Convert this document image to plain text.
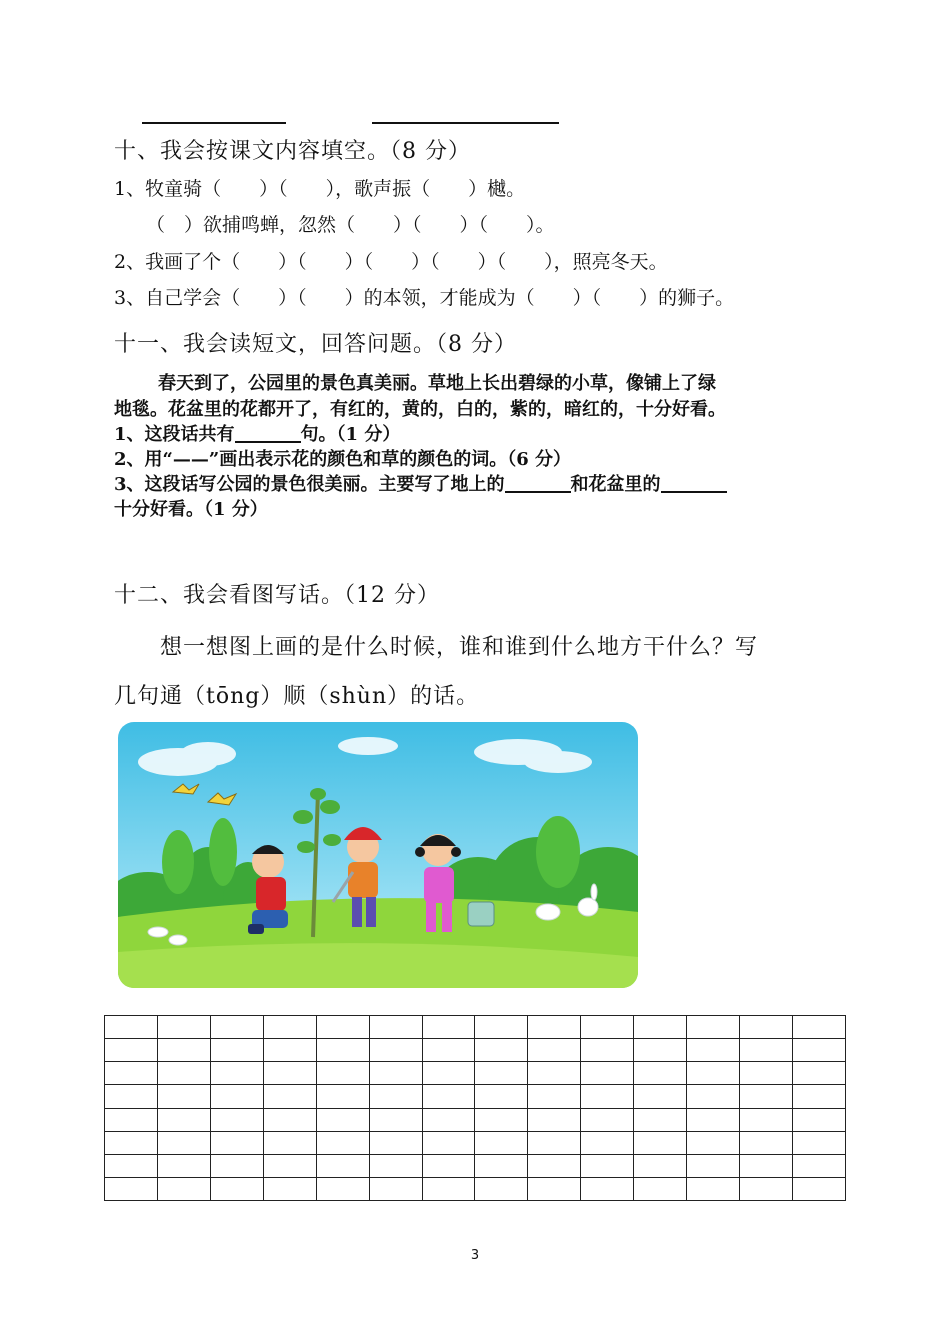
十、我会按课文内容填空。（8 分）
1、牧童骑（　　）（　　），歌声振（　　）樾。
（　）欲捕鸣蝉，忽然（　　）（　　）（　　）。
2、我画了个（　　）（　　）（　　）（　　）（　　），照亮冬天。
3、自己学会（　　）（　　）的本领，才能成为（　　）（　　）的狮子。
十一、我会读短文，回答问题。（8 分）
春天到了，公园里的景色真美丽。草地上长出碧绿的小草，像铺上了绿
地毯。花盆里的花都开了，有红的，黄的，白的，紫的，暗红的，十分好看。
1、这段话共有	句。（1 分）
2、用“——”画出表示花的颜色和草的颜色的词。（6 分）
3、这段话写公园的景色很美丽。主要写了地上的	和花盆里的
十分好看。（1 分）
十二、我会看图写话。（12 分）
想一想图上画的是什么时候，谁和谁到什么地方干什么？写
几句通（tōng）顺（shùn）的话。

3
